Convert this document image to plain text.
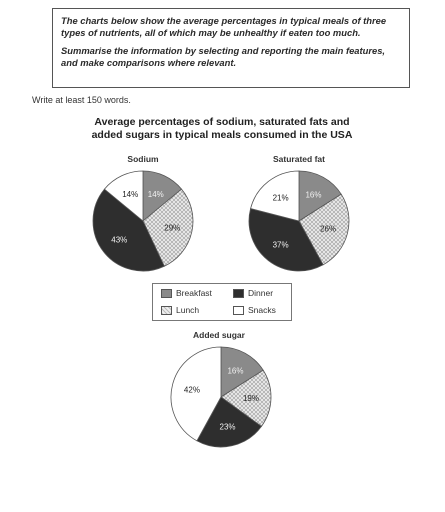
The charts below show the average percentages in typical meals of three types of nutrients, all of which may be unhealthy if eaten too much.

Summarise the information by selecting and reporting the main features, and make comparisons where relevant.

Write at least 150 words.
Average percentages of sodium, saturated fats and
added sugars in typical meals consumed in the USA
Sodium
14%
29%
43%
14%
Saturated fat
16%
26%
37%
21%
Breakfast	Dinner
Lunch	Snacks
Added sugar
16%
19%
23%
42%
